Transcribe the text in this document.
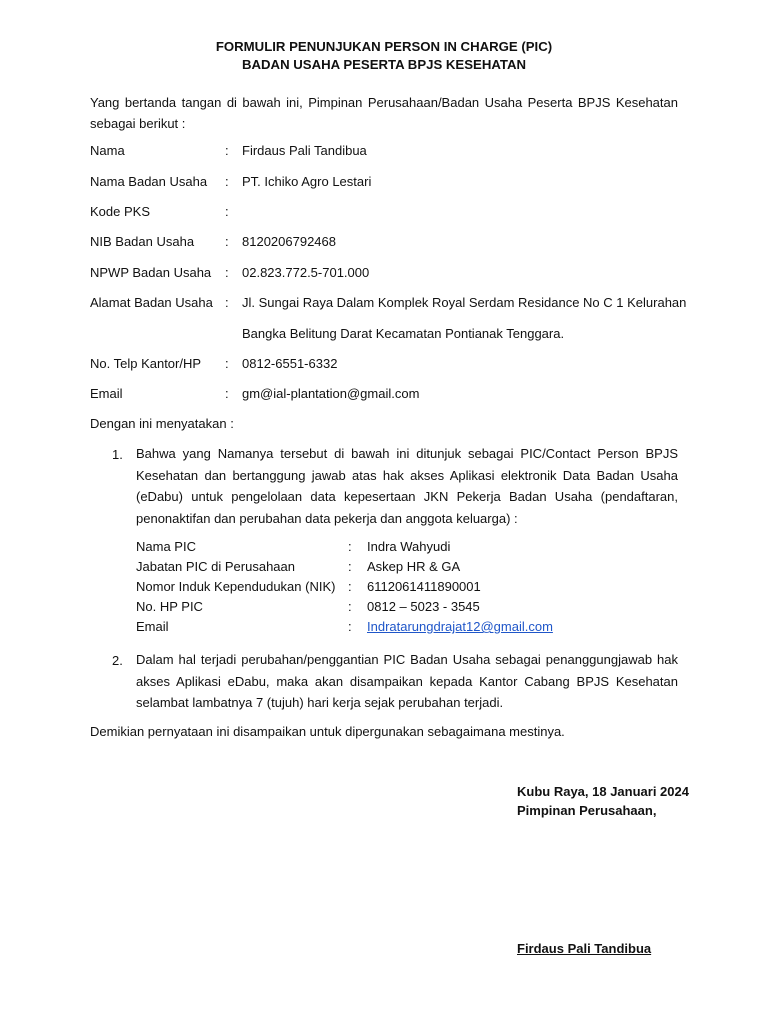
FORMULIR PENUNJUKAN PERSON IN CHARGE (PIC)
BADAN USAHA PESERTA BPJS KESEHATAN
Yang bertanda tangan di bawah ini, Pimpinan Perusahaan/Badan Usaha Peserta BPJS Kesehatan sebagai berikut :
Nama	:	Firdaus Pali Tandibua
Nama Badan Usaha	:	PT. Ichiko Agro Lestari
Kode PKS	:
NIB Badan Usaha	:	8120206792468
NPWP Badan Usaha	:	02.823.772.5-701.000
Alamat Badan Usaha :	Jl. Sungai Raya Dalam Komplek Royal Serdam Residance No C 1 Kelurahan
Bangka Belitung Darat Kecamatan Pontianak Tenggara.
No. Telp Kantor/HP	:	0812-6551-6332
Email	:	gm@ial-plantation@gmail.com
Dengan ini menyatakan :
1. Bahwa yang Namanya tersebut di bawah ini ditunjuk sebagai PIC/Contact Person BPJS Kesehatan dan bertanggung jawab atas hak akses Aplikasi elektronik Data Badan Usaha (eDabu) untuk pengelolaan data kepesertaan JKN Pekerja Badan Usaha (pendaftaran, penonaktifan dan perubahan data pekerja dan anggota keluarga) :
Nama PIC	: Indra Wahyudi
Jabatan PIC di Perusahaan	: Askep HR & GA
Nomor Induk Kependudukan (NIK) : 6112061411890001
No. HP PIC	: 0812 – 5023 - 3545
Email	: Indratarungdrajat12@gmail.com
2. Dalam hal terjadi perubahan/penggantian PIC Badan Usaha sebagai penanggungjawab hak akses Aplikasi eDabu, maka akan disampaikan kepada Kantor Cabang BPJS Kesehatan selambat lambatnya 7 (tujuh) hari kerja sejak perubahan terjadi.
Demikian pernyataan ini disampaikan untuk dipergunakan sebagaimana mestinya.
Kubu Raya, 18 Januari 2024
Pimpinan Perusahaan,
Firdaus Pali Tandibua
